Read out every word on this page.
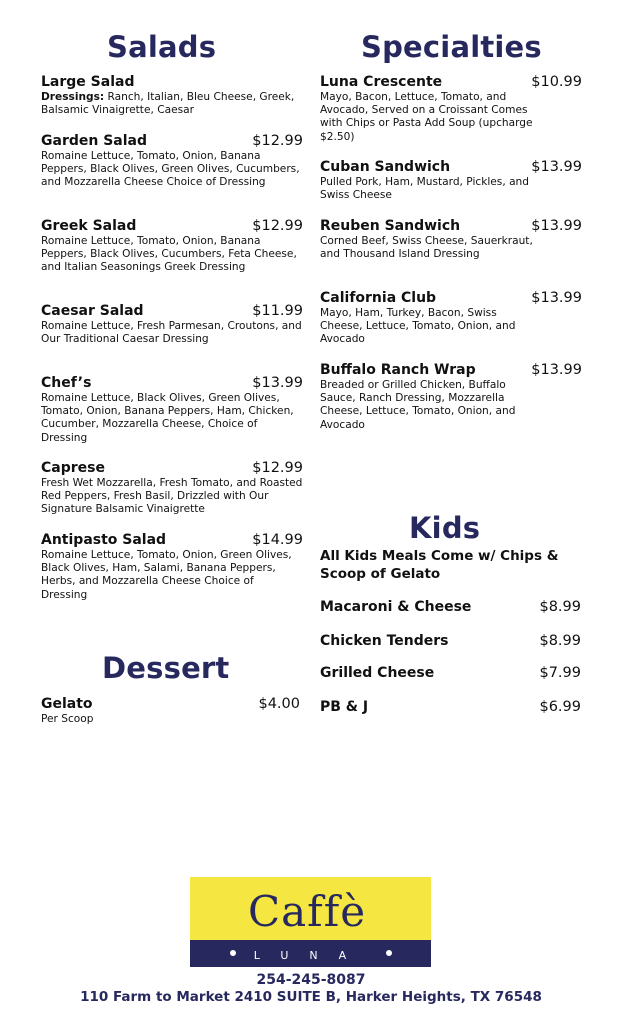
Salads
Large Salad
Dressings: Ranch, Italian, Bleu Cheese, Greek, Balsamic Vinaigrette, Caesar
Garden Salad	$12.99
Romaine Lettuce, Tomato, Onion, Banana Peppers, Black Olives, Green Olives, Cucumbers, and Mozzarella Cheese Choice of Dressing
Greek Salad	$12.99
Romaine Lettuce, Tomato, Onion, Banana Peppers, Black Olives, Cucumbers, Feta Cheese, and Italian Seasonings Greek Dressing
Caesar Salad	$11.99
Romaine Lettuce, Fresh Parmesan, Croutons, and Our Traditional Caesar Dressing
Chef’s	$13.99
Romaine Lettuce, Black Olives, Green Olives, Tomato, Onion, Banana Peppers, Ham, Chicken, Cucumber, Mozzarella Cheese, Choice of Dressing
Caprese	$12.99
Fresh Wet Mozzarella, Fresh Tomato, and Roasted Red Peppers, Fresh Basil, Drizzled with Our Signature Balsamic Vinaigrette
Antipasto Salad	$14.99
Romaine Lettuce, Tomato, Onion, Green Olives, Black Olives, Ham, Salami, Banana Peppers, Herbs, and Mozzarella Cheese Choice of Dressing
Dessert
Gelato	$4.00
Per Scoop
Specialties
Luna Crescente	$10.99
Mayo, Bacon, Lettuce, Tomato, and Avocado, Served on a Croissant Comes with Chips or Pasta Add Soup (upcharge $2.50)
Cuban Sandwich	$13.99
Pulled Pork, Ham, Mustard, Pickles, and Swiss Cheese
Reuben Sandwich	$13.99
Corned Beef, Swiss Cheese, Sauerkraut, and Thousand Island Dressing
California Club	$13.99
Mayo, Ham, Turkey, Bacon, Swiss Cheese, Lettuce, Tomato, Onion, and Avocado
Buffalo Ranch Wrap	$13.99
Breaded or Grilled Chicken, Buffalo Sauce, Ranch Dressing, Mozzarella Cheese, Lettuce, Tomato, Onion, and Avocado
Kids
All Kids Meals Come w/ Chips & Scoop of Gelato
Macaroni & Cheese	$8.99
Chicken Tenders	$8.99
Grilled Cheese	$7.99
PB & J	$6.99
Caffè
LUNA
254-245-8087
110 Farm to Market 2410 SUITE B, Harker Heights, TX 76548
